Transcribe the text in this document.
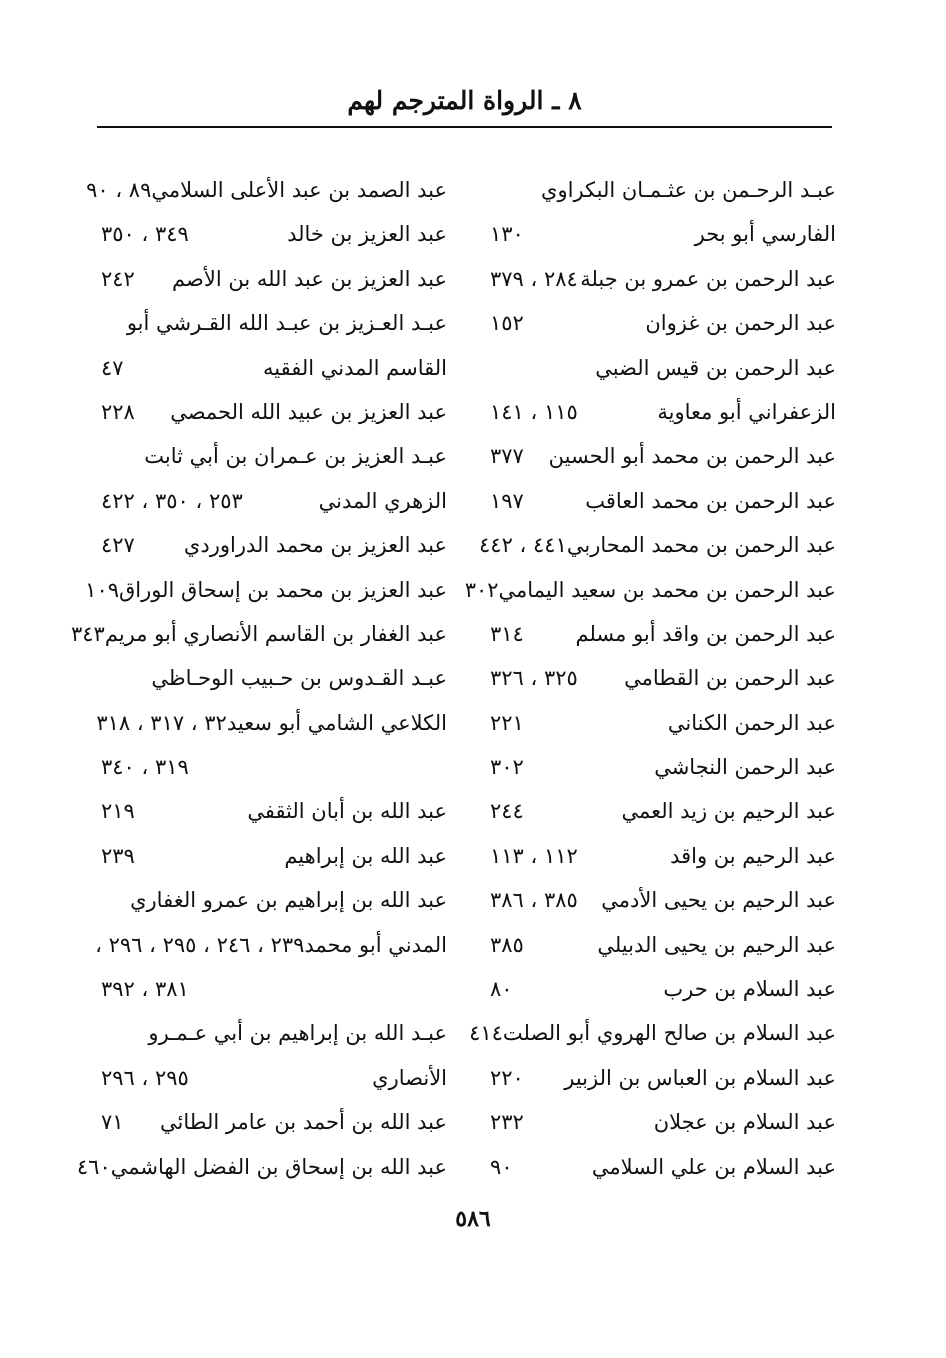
٨ ـ الرواة المترجم لهم
عبـد الرحـمن بن عثـمـان البكراوي
الفارسي أبو بحر
١٣٠
عبد الرحمن بن عمرو بن جبلة
٢٨٤ ، ٣٧٩
عبد الرحمن بن غزوان
١٥٢
عبد الرحمن بن قيس الضبي
الزعفراني أبو معاوية
١١٥ ، ١٤١
عبد الرحمن بن محمد أبو الحسين
٣٧٧
عبد الرحمن بن محمد العاقب
١٩٧
عبد الرحمن بن محمد المحاربي
٤٤١ ، ٤٤٢
عبد الرحمن بن محمد بن سعيد اليمامي
٣٠٢
عبد الرحمن بن واقد أبو مسلم
٣١٤
عبد الرحمن بن القطامي
٣٢٥ ، ٣٢٦
عبد الرحمن الكناني
٢٢١
عبد الرحمن النجاشي
٣٠٢
عبد الرحيم بن زيد العمي
٢٤٤
عبد الرحيم بن واقد
١١٢ ، ١١٣
عبد الرحيم بن يحيى الأدمي
٣٨٥ ، ٣٨٦
عبد الرحيم بن يحيى الدبيلي
٣٨٥
عبد السلام بن حرب
٨٠
عبد السلام بن صالح الهروي أبو الصلت
٤١٤
عبد السلام بن العباس بن الزبير
٢٢٠
عبد السلام بن عجلان
٢٣٢
عبد السلام بن علي السلامي
٩٠
عبد الصمد بن عبد الأعلى السلامي
٨٩ ، ٩٠
عبد العزيز بن خالد
٣٤٩ ، ٣٥٠
عبد العزيز بن عبد الله بن الأصم
٢٤٢
عبـد العـزيز بن عبـد الله القـرشي أبو
القاسم المدني الفقيه
٤٧
عبد العزيز بن عبيد الله الحمصي
٢٢٨
عبـد العزيز بن عـمران بن أبي ثابت
الزهري المدني
٢٥٣ ، ٣٥٠ ، ٤٢٢
عبد العزيز بن محمد الدراوردي
٤٢٧
عبد العزيز بن محمد بن إسحاق الوراق
١٠٩
عبد الغفار بن القاسم الأنصاري أبو مريم
٣٤٣
عبـد القـدوس بن حـبيب الوحـاظي
الكلاعي الشامي أبو سعيد
٣٢ ، ٣١٧ ، ٣١٨
٣١٩ ، ٣٤٠
عبد الله بن أبان الثقفي
٢١٩
عبد الله بن إبراهيم
٢٣٩
عبد الله بن إبراهيم بن عمرو الغفاري
المدني أبو محمد
٢٣٩ ، ٢٤٦ ، ٢٩٥ ، ٢٩٦ ،
٣٨١ ، ٣٩٢
عبـد الله بن إبراهيم بن أبي عـمـرو
الأنصاري
٢٩٥ ، ٢٩٦
عبد الله بن أحمد بن عامر الطائي
٧١
عبد الله بن إسحاق بن الفضل الهاشمي
٤٦٠
٥٨٦
